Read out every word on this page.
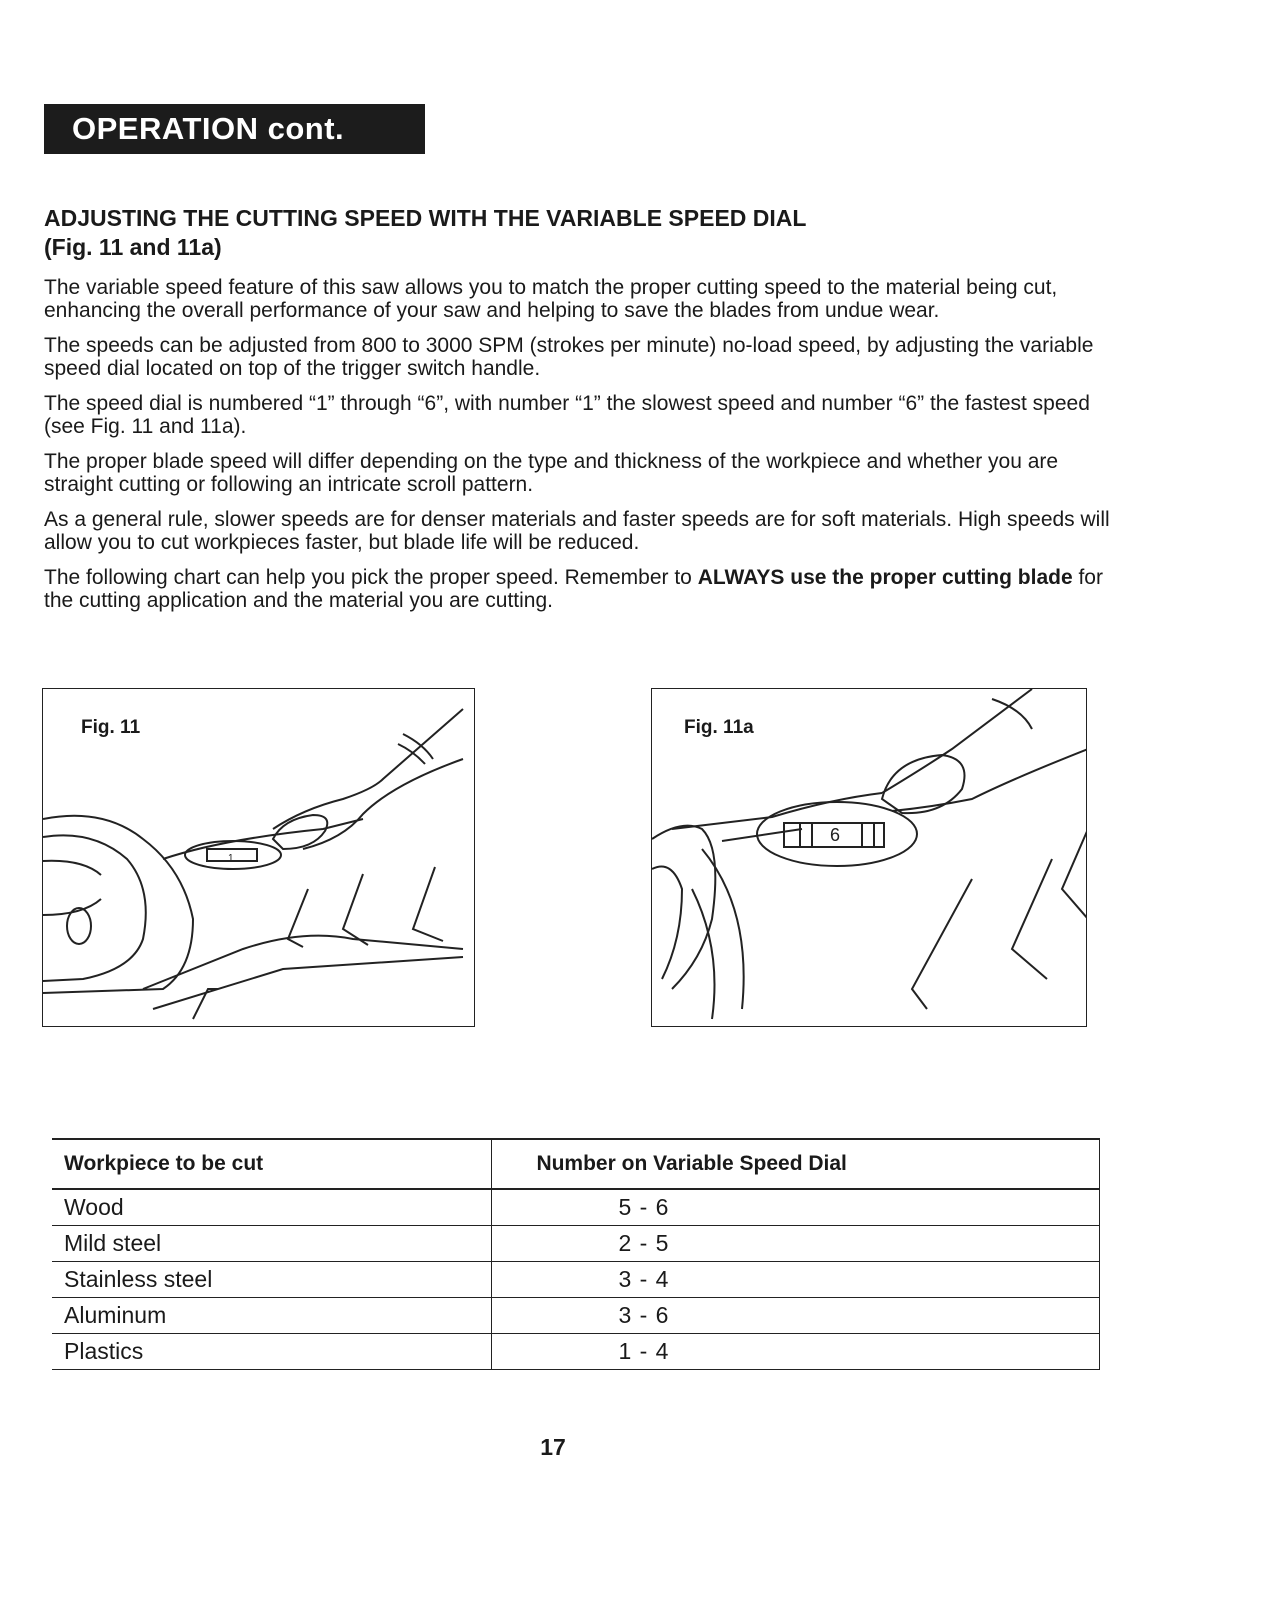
OPERATION cont.
ADJUSTING THE CUTTING SPEED WITH THE VARIABLE SPEED DIAL
(Fig. 11 and 11a)

The variable speed feature of this saw allows you to match the proper cutting speed to the material being cut, enhancing the overall performance of your saw and helping to save the blades from undue wear.

The speeds can be adjusted from 800 to 3000 SPM (strokes per minute) no-load speed, by adjusting the variable speed dial located on top of the trigger switch handle.

The speed dial is numbered “1” through “6”, with number “1” the slowest speed and number “6” the fastest speed (see Fig. 11 and 11a).

The proper blade speed will differ depending on the type and thickness of the workpiece and whether you are straight cutting or following an intricate scroll pattern.

As a general rule, slower speeds are for denser materials and faster speeds are for soft materials. High speeds will allow you to cut workpieces faster, but blade life will be reduced.

The following chart can help you pick the proper speed. Remember to ALWAYS use the proper cutting blade for the cutting application and the material you are cutting.

1
Fig. 11
6
Fig. 11a
Workpiece to be cut	Number on Variable Speed Dial
Wood	5 - 6
Mild steel	2 - 5
Stainless steel	3 - 4
Aluminum	3 - 6
Plastics	1 - 4
17
